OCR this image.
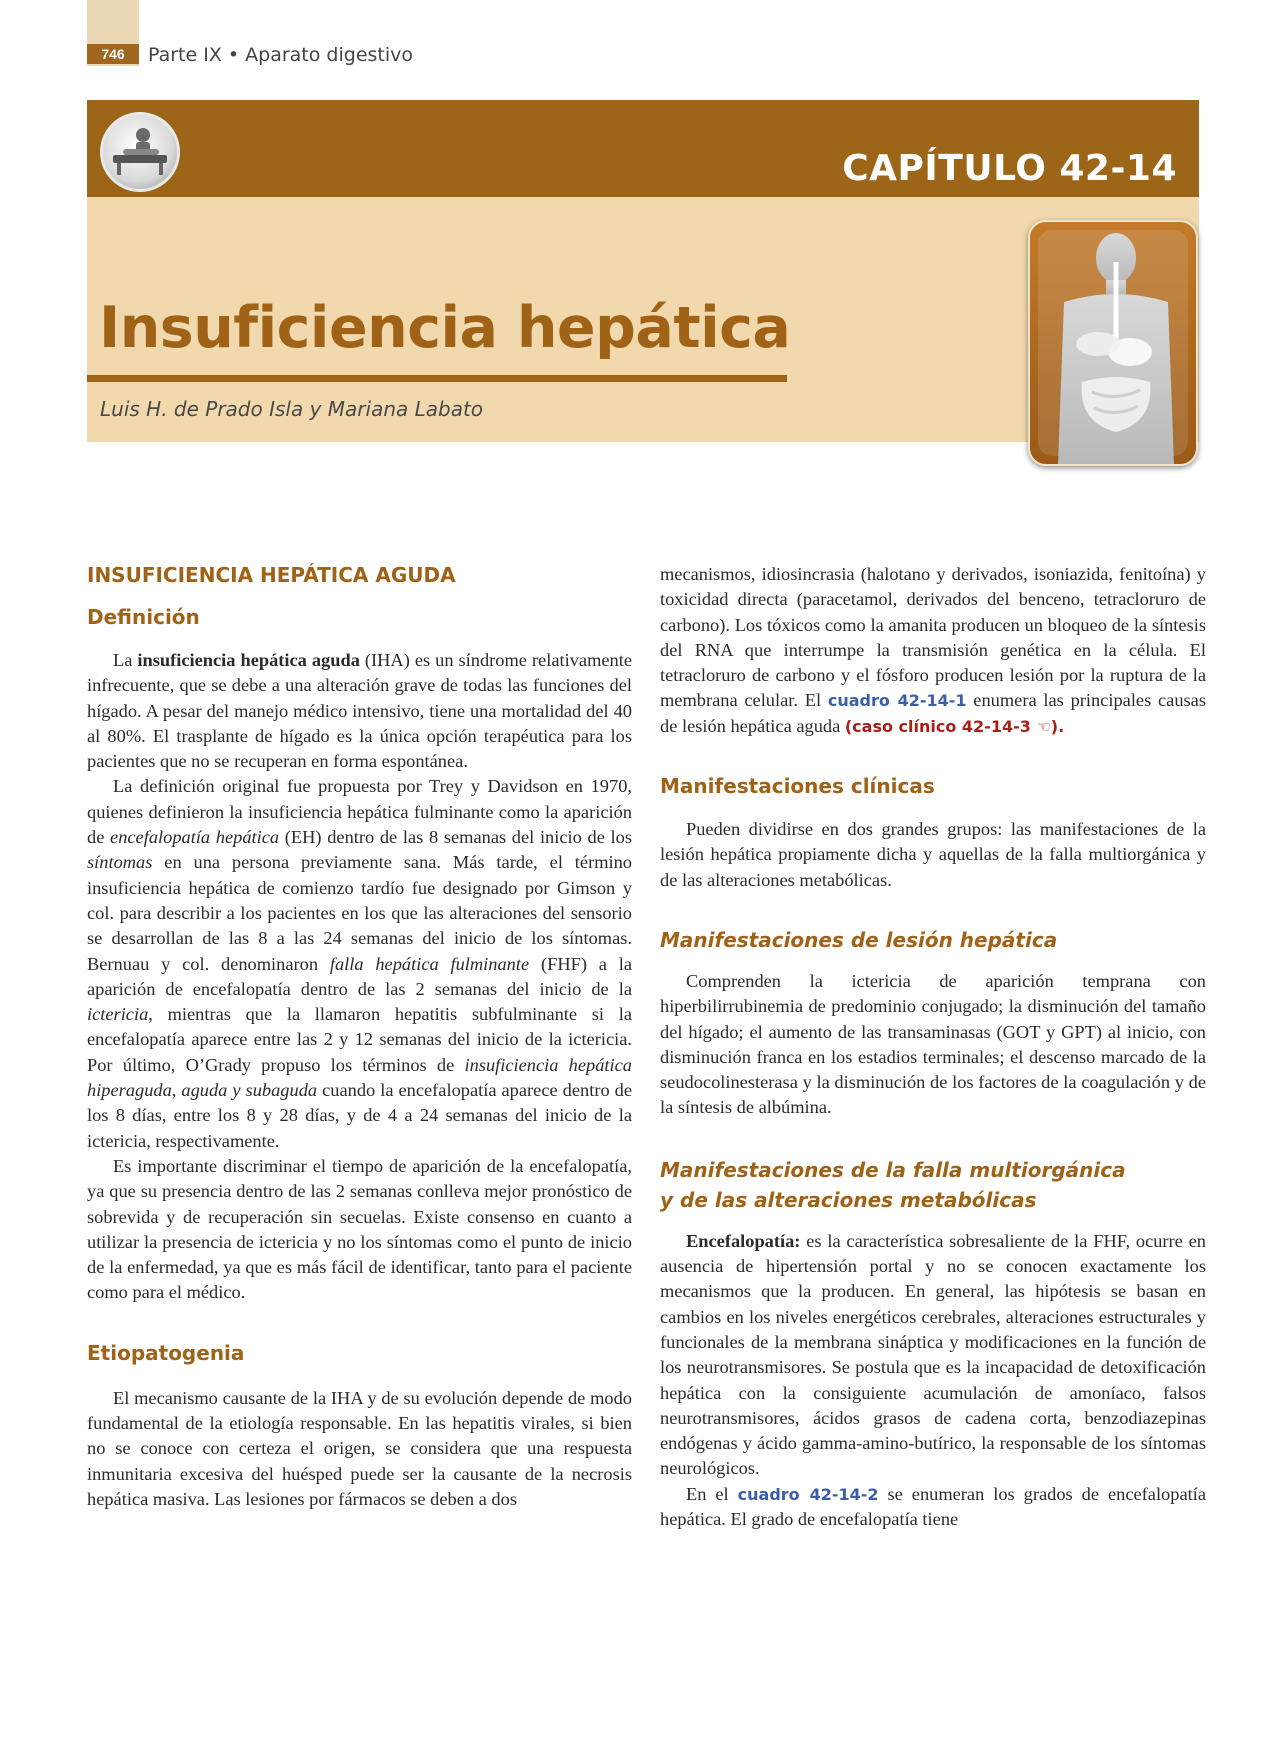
746	Parte IX • Aparato digestivo
CAPÍTULO 42-14
Insuficiencia hepática
Luis H. de Prado Isla y Mariana Labato
INSUFICIENCIA HEPÁTICA AGUDA
Definición

La insuficiencia hepática aguda (IHA) es un síndrome relativamente infrecuente, que se debe a una alteración grave de todas las funciones del hígado. A pesar del manejo médico intensivo, tiene una mortalidad del 40 al 80%. El trasplante de hígado es la única opción terapéutica para los pacientes que no se recuperan en forma espontánea.

La definición original fue propuesta por Trey y Davidson en 1970, quienes definieron la insuficiencia hepática fulminante como la aparición de encefalopatía hepática (EH) dentro de las 8 semanas del inicio de los síntomas en una persona previamente sana. Más tarde, el término insuficiencia hepática de comienzo tardío fue designado por Gimson y col. para describir a los pacientes en los que las alteraciones del sensorio se desarrollan de las 8 a las 24 semanas del inicio de los síntomas. Bernuau y col. denominaron falla hepática fulminante (FHF) a la aparición de encefalopatía dentro de las 2 semanas del inicio de la ictericia, mientras que la llamaron hepatitis subfulminante si la encefalopatía aparece entre las 2 y 12 semanas del inicio de la ictericia. Por último, O’Grady propuso los términos de insuficiencia hepática hiperaguda, aguda y subaguda cuando la encefalopatía aparece dentro de los 8 días, entre los 8 y 28 días, y de 4 a 24 semanas del inicio de la ictericia, respectivamente.

Es importante discriminar el tiempo de aparición de la encefalopatía, ya que su presencia dentro de las 2 semanas conlleva mejor pronóstico de sobrevida y de recuperación sin secuelas. Existe consenso en cuanto a utilizar la presencia de ictericia y no los síntomas como el punto de inicio de la enfermedad, ya que es más fácil de identificar, tanto para el paciente como para el médico.

Etiopatogenia

El mecanismo causante de la IHA y de su evolución depende de modo fundamental de la etiología responsable. En las hepatitis virales, si bien no se conoce con certeza el origen, se considera que una respuesta inmunitaria excesiva del huésped puede ser la causante de la necrosis hepática masiva. Las lesiones por fármacos se deben a dos

mecanismos, idiosincrasia (halotano y derivados, isoniazida, fenitoína) y toxicidad directa (paracetamol, derivados del benceno, tetracloruro de carbono). Los tóxicos como la amanita producen un bloqueo de la síntesis del RNA que interrumpe la transmisión genética en la célula. El tetracloruro de carbono y el fósforo producen lesión por la ruptura de la membrana celular. El cuadro 42-14-1 enumera las principales causas de lesión hepática aguda (caso clínico 42-14-3 ☜).

Manifestaciones clínicas

Pueden dividirse en dos grandes grupos: las manifestaciones de la lesión hepática propiamente dicha y aquellas de la falla multiorgánica y de las alteraciones metabólicas.

Manifestaciones de lesión hepática

Comprenden la ictericia de aparición temprana con hiperbilirrubinemia de predominio conjugado; la disminución del tamaño del hígado; el aumento de las transaminasas (GOT y GPT) al inicio, con disminución franca en los estadios terminales; el descenso marcado de la seudocolinesterasa y la disminución de los factores de la coagulación y de la síntesis de albúmina.

Manifestaciones de la falla multiorgánica
y de las alteraciones metabólicas

Encefalopatía: es la característica sobresaliente de la FHF, ocurre en ausencia de hipertensión portal y no se conocen exactamente los mecanismos que la producen. En general, las hipótesis se basan en cambios en los niveles energéticos cerebrales, alteraciones estructurales y funcionales de la membrana sináptica y modificaciones en la función de los neurotransmisores. Se postula que es la incapacidad de detoxificación hepática con la consiguiente acumulación de amoníaco, falsos neurotransmisores, ácidos grasos de cadena corta, benzodiazepinas endógenas y ácido gamma-amino-butírico, la responsable de los síntomas neurológicos.

En el cuadro 42-14-2 se enumeran los grados de encefalopatía hepática. El grado de encefalopatía tiene
